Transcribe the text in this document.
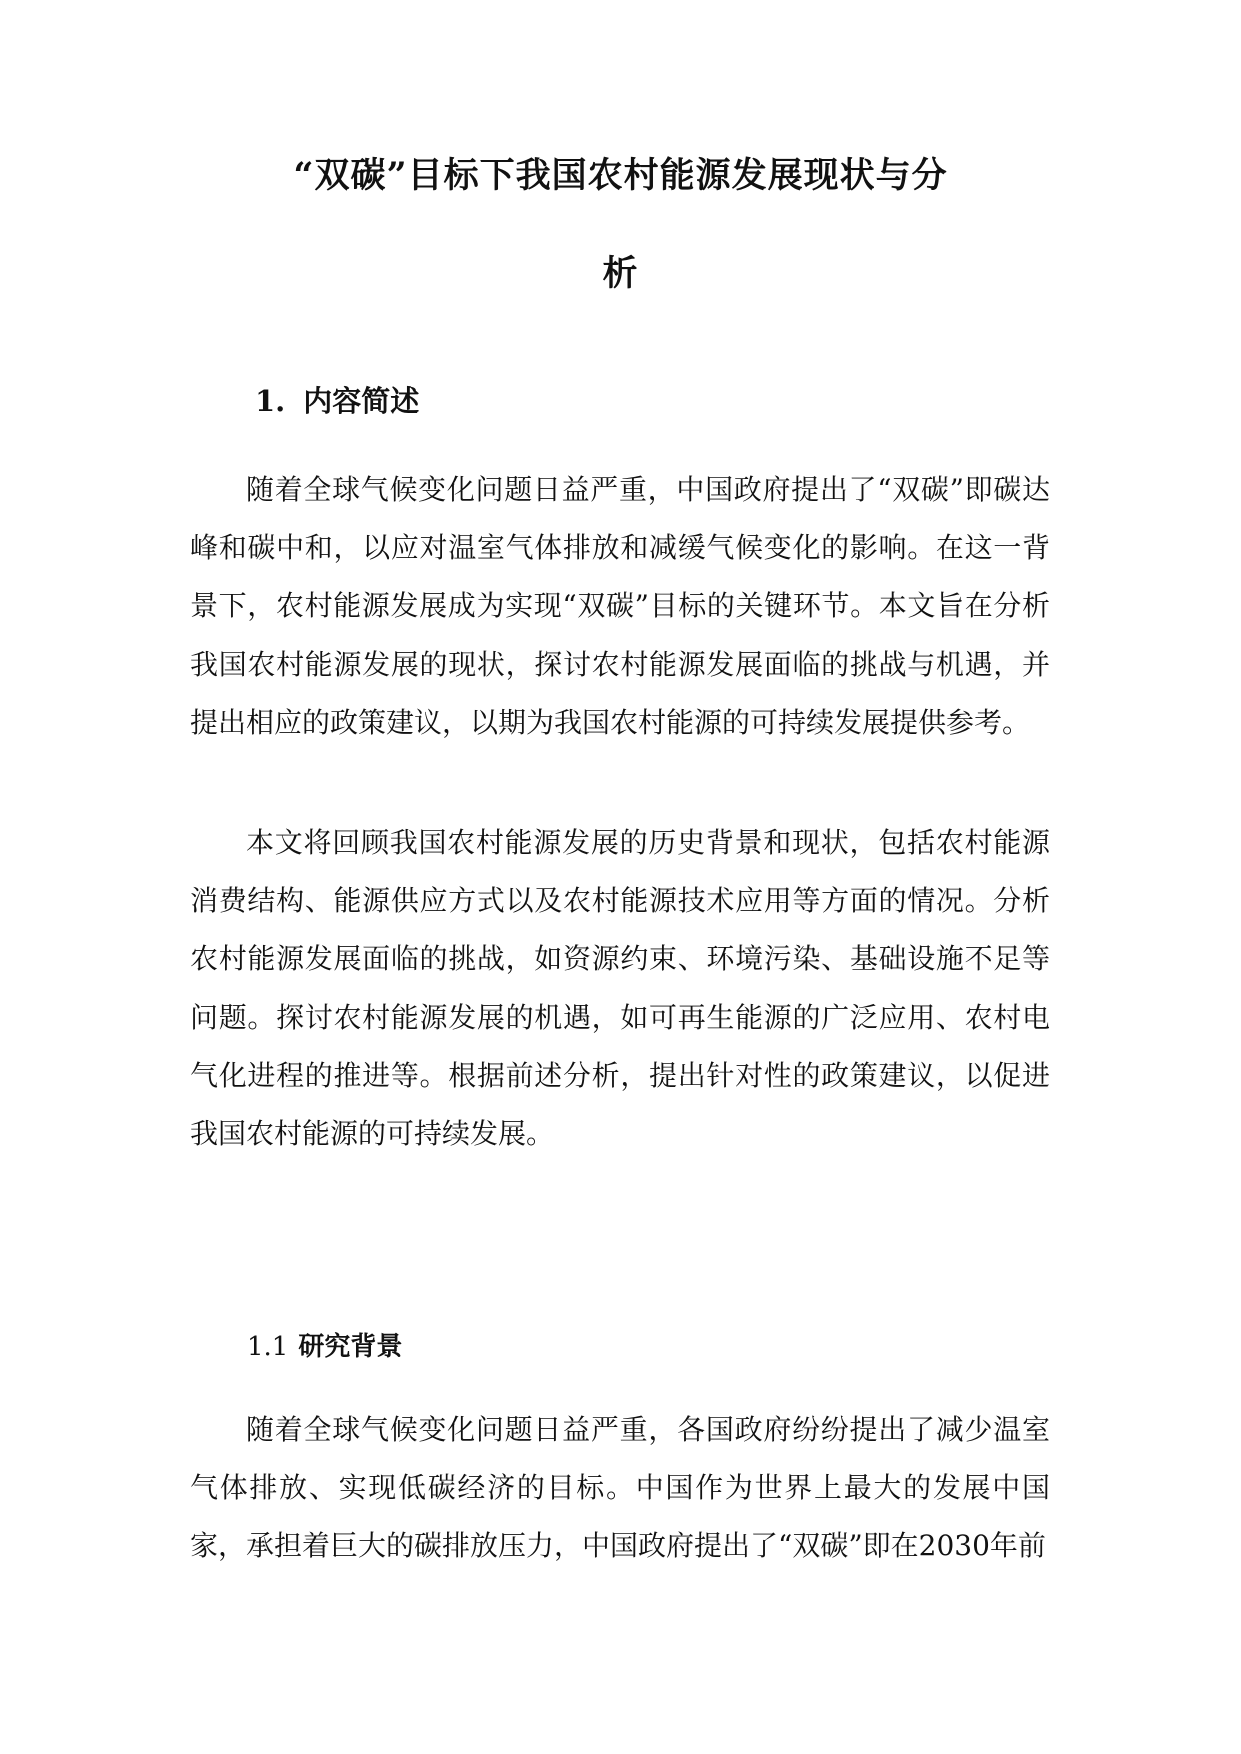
“双碳”目标下我国农村能源发展现状与分
析
1. 内容简述

随着全球气候变化问题日益严重，中国政府提出了“双碳”即碳达峰和碳中和，以应对温室气体排放和减缓气候变化的影响。在这一背景下，农村能源发展成为实现“双碳”目标的关键环节。本文旨在分析我国农村能源发展的现状，探讨农村能源发展面临的挑战与机遇，并提出相应的政策建议，以期为我国农村能源的可持续发展提供参考。

本文将回顾我国农村能源发展的历史背景和现状，包括农村能源消费结构、能源供应方式以及农村能源技术应用等方面的情况。分析农村能源发展面临的挑战，如资源约束、环境污染、基础设施不足等问题。探讨农村能源发展的机遇，如可再生能源的广泛应用、农村电气化进程的推进等。根据前述分析，提出针对性的政策建议，以促进我国农村能源的可持续发展。

1.1 研究背景

随着全球气候变化问题日益严重，各国政府纷纷提出了减少温室气体排放、实现低碳经济的目标。中国作为世界上最大的发展中国家，承担着巨大的碳排放压力，中国政府提出了“双碳”即在2030年前
